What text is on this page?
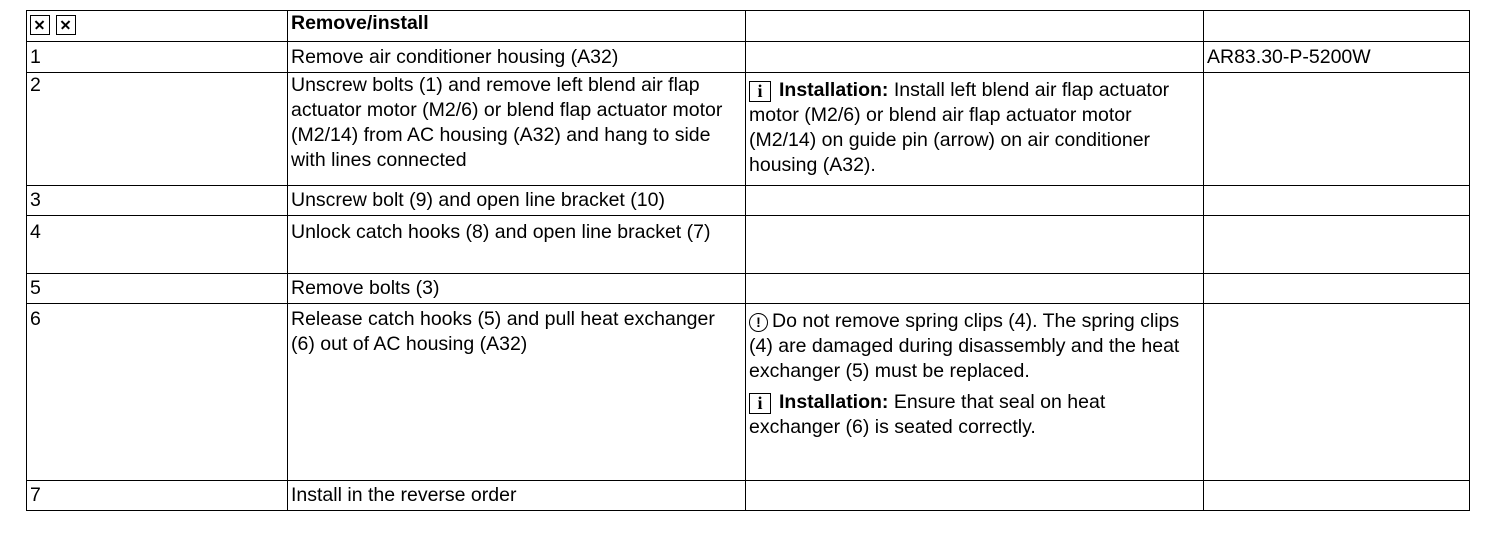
	Remove/install		
1	Remove air conditioner housing (A32)		AR83.30-P-5200W
2	Unscrew bolts (1) and remove left blend air flap actuator motor (M2/6) or blend flap actuator motor (M2/14) from AC housing (A32) and hang to side with lines connected	i Installation: Install left blend air flap actuator motor (M2/6) or blend air flap actuator motor (M2/14) on guide pin (arrow) on air conditioner housing (A32).	

3	Unscrew bolt (9) and open line bracket (10)		
4	Unlock catch hooks (8) and open line bracket (7)		
5	Remove bolts (3)		
6	Release catch hooks (5) and pull heat exchanger (6) out of AC housing (A32)	! Do not remove spring clips (4). The spring clips (4) are damaged during disassembly and the heat exchanger (5) must be replaced.

i Installation: Ensure that seal on heat exchanger (6) is seated correctly.	

7	Install in the reverse order		
